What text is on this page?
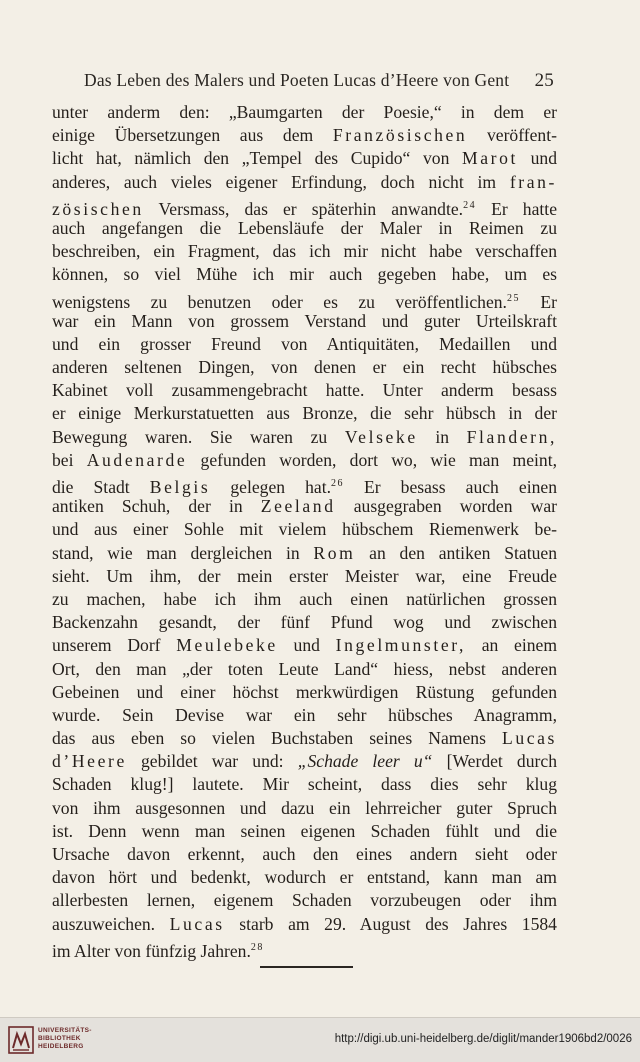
Das Leben des Malers und Poeten Lucas d’Heere von Gent 25
unter anderm den: „Baumgarten der Poesie,“ in dem er
einige Übersetzungen aus dem Französischen veröffent-
licht hat, nämlich den „Tempel des Cupido“ von Marot und
anderes, auch vieles eigener Erfindung, doch nicht im fran-
zösischen Versmass, das er späterhin anwandte.$^{24}$ Er hatte
auch angefangen die Lebensläufe der Maler in Reimen zu
beschreiben, ein Fragment, das ich mir nicht habe verschaffen
können, so viel Mühe ich mir auch gegeben habe, um es
wenigstens zu benutzen oder es zu veröffentlichen.$^{25}$ Er
war ein Mann von grossem Verstand und guter Urteilskraft
und ein grosser Freund von Antiquitäten, Medaillen und
anderen seltenen Dingen, von denen er ein recht hübsches
Kabinet voll zusammengebracht hatte. Unter anderm besass
er einige Merkurstatuetten aus Bronze, die sehr hübsch in der
Bewegung waren. Sie waren zu Velseke in Flandern,
bei Audenarde gefunden worden, dort wo, wie man meint,
die Stadt Belgis gelegen hat.$^{26}$ Er besass auch einen
antiken Schuh, der in Zeeland ausgegraben worden war
und aus einer Sohle mit vielem hübschem Riemenwerk be-
stand, wie man dergleichen in Rom an den antiken Statuen
sieht. Um ihm, der mein erster Meister war, eine Freude
zu machen, habe ich ihm auch einen natürlichen grossen
Backenzahn gesandt, der fünf Pfund wog und zwischen
unserem Dorf Meulebeke und Ingelmunster, an einem
Ort, den man „der toten Leute Land“ hiess, nebst anderen
Gebeinen und einer höchst merkwürdigen Rüstung gefunden
wurde. Sein Devise war ein sehr hübsches Anagramm,
das aus eben so vielen Buchstaben seines Namens Lucas
d’Heere gebildet war und: „Schade leer u“ [Werdet durch
Schaden klug!] lautete. Mir scheint, dass dies sehr klug
von ihm ausgesonnen und dazu ein lehrreicher guter Spruch
ist. Denn wenn man seinen eigenen Schaden fühlt und die
Ursache davon erkennt, auch den eines andern sieht oder
davon hört und bedenkt, wodurch er entstand, kann man am
allerbesten lernen, eigenem Schaden vorzubeugen oder ihm
auszuweichen. Lucas starb am 29. August des Jahres 1584
im Alter von fünfzig Jahren.$^{28}$
UNIVERSITÄTS-
BIBLIOTHEK
HEIDELBERG
http://digi.ub.uni-heidelberg.de/diglit/mander1906bd2/0026
